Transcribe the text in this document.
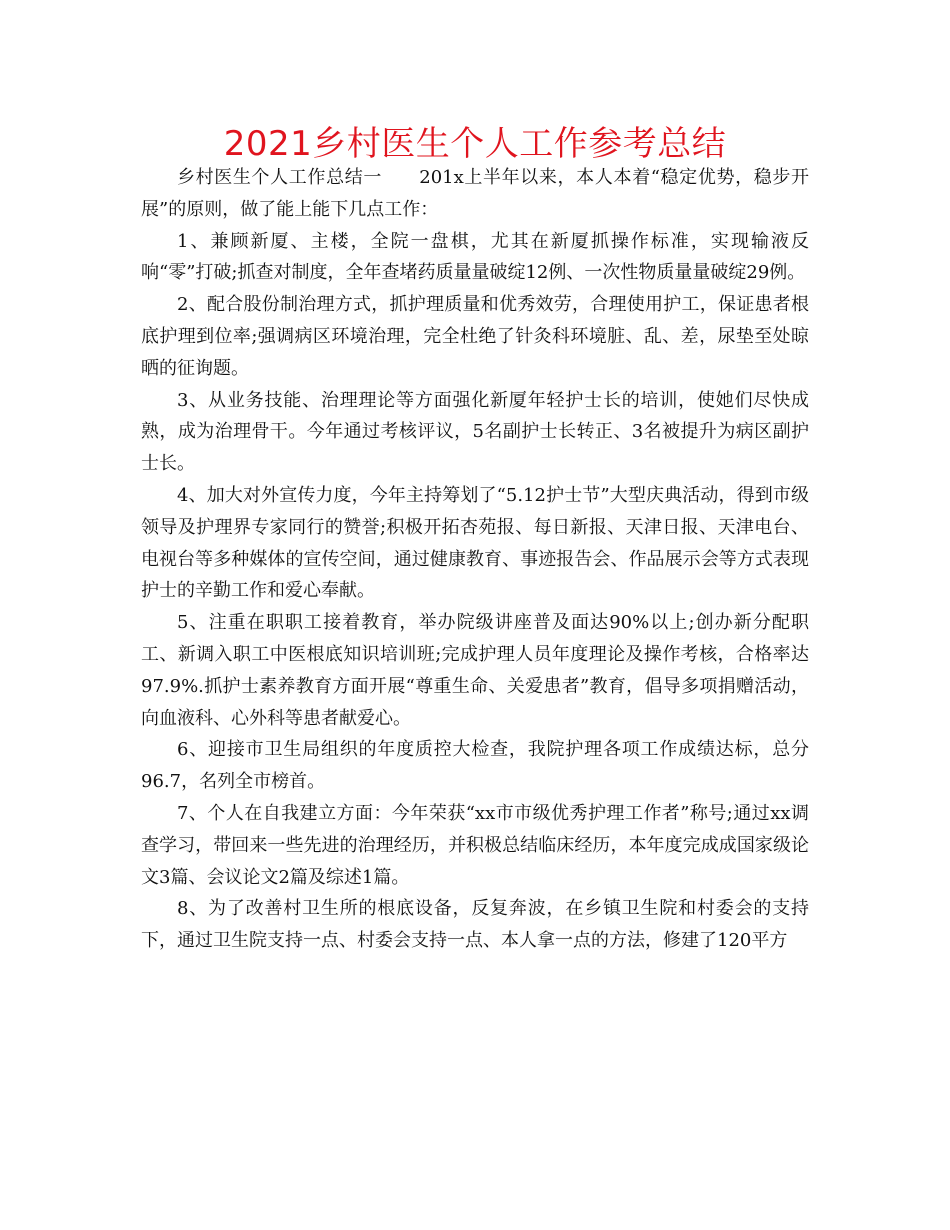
2021乡村医生个人工作参考总结

乡村医生个人工作总结一　　201x上半年以来，本人本着“稳定优势，稳步开展”的原则，做了能上能下几点工作：

1、兼顾新厦、主楼，全院一盘棋，尤其在新厦抓操作标准，实现输液反响“零”打破;抓查对制度，全年查堵药质量量破绽12例、一次性物质量量破绽29例。

2、配合股份制治理方式，抓护理质量和优秀效劳，合理使用护工，保证患者根底护理到位率;强调病区环境治理，完全杜绝了针灸科环境脏、乱、差，尿垫至处晾晒的征询题。

3、从业务技能、治理理论等方面强化新厦年轻护士长的培训，使她们尽快成熟，成为治理骨干。今年通过考核评议，5名副护士长转正、3名被提升为病区副护士长。

4、加大对外宣传力度，今年主持筹划了“5.12护士节”大型庆典活动，得到市级领导及护理界专家同行的赞誉;积极开拓杏苑报、每日新报、天津日报、天津电台、电视台等多种媒体的宣传空间，通过健康教育、事迹报告会、作品展示会等方式表现护士的辛勤工作和爱心奉献。

5、注重在职职工接着教育，举办院级讲座普及面达90%以上;创办新分配职工、新调入职工中医根底知识培训班;完成护理人员年度理论及操作考核，合格率达97.9%.抓护士素养教育方面开展“尊重生命、关爱患者”教育，倡导多项捐赠活动，向血液科、心外科等患者献爱心。

6、迎接市卫生局组织的年度质控大检查，我院护理各项工作成绩达标，总分96.7，名列全市榜首。

7、个人在自我建立方面：今年荣获“xx市市级优秀护理工作者”称号;通过xx调查学习，带回来一些先进的治理经历，并积极总结临床经历，本年度完成成国家级论文3篇、会议论文2篇及综述1篇。

8、为了改善村卫生所的根底设备，反复奔波，在乡镇卫生院和村委会的支持下，通过卫生院支持一点、村委会支持一点、本人拿一点的方法，修建了120平方
